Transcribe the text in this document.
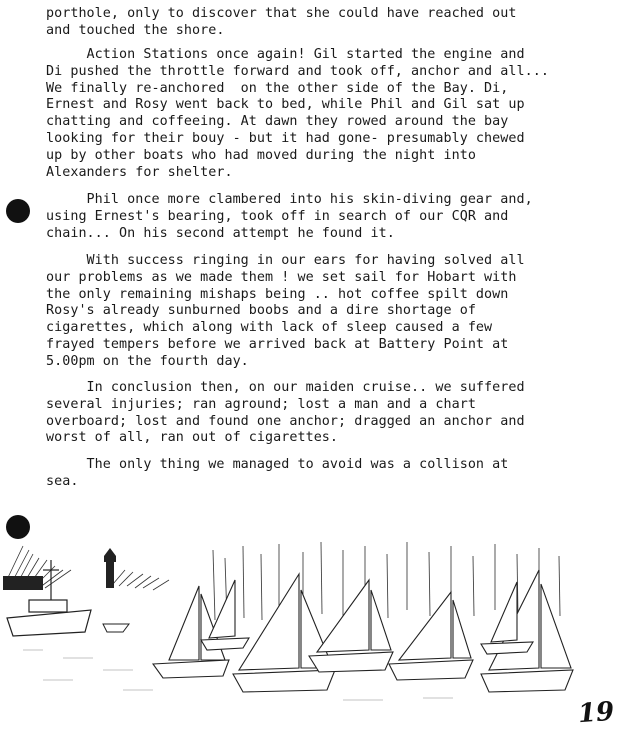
porthole, only to discover that she could have reached out
and touched the shore.
Action Stations once again! Gil started the engine and
Di pushed the throttle forward and took off, anchor and all...
We finally re-anchored  on the other side of the Bay. Di,
Ernest and Rosy went back to bed, while Phil and Gil sat up
chatting and coffeeing. At dawn they rowed around the bay
looking for their bouy - but it had gone- presumably chewed
up by other boats who had moved during the night into
Alexanders for shelter.
Phil once more clambered into his skin-diving gear and,
using Ernest's bearing, took off in search of our CQR and
chain... On his second attempt he found it.
With success ringing in our ears for having solved all
our problems as we made them ! we set sail for Hobart with
the only remaining mishaps being .. hot coffee spilt down
Rosy's already sunburned boobs and a dire shortage of
cigarettes, which along with lack of sleep caused a few
frayed tempers before we arrived back at Battery Point at
5.00pm on the fourth day.
In conclusion then, on our maiden cruise.. we suffered
several injuries; ran aground; lost a man and a chart
overboard; lost and found one anchor; dragged an anchor and
worst of all, ran out of cigarettes.
The only thing we managed to avoid was a collison at
sea.
19
